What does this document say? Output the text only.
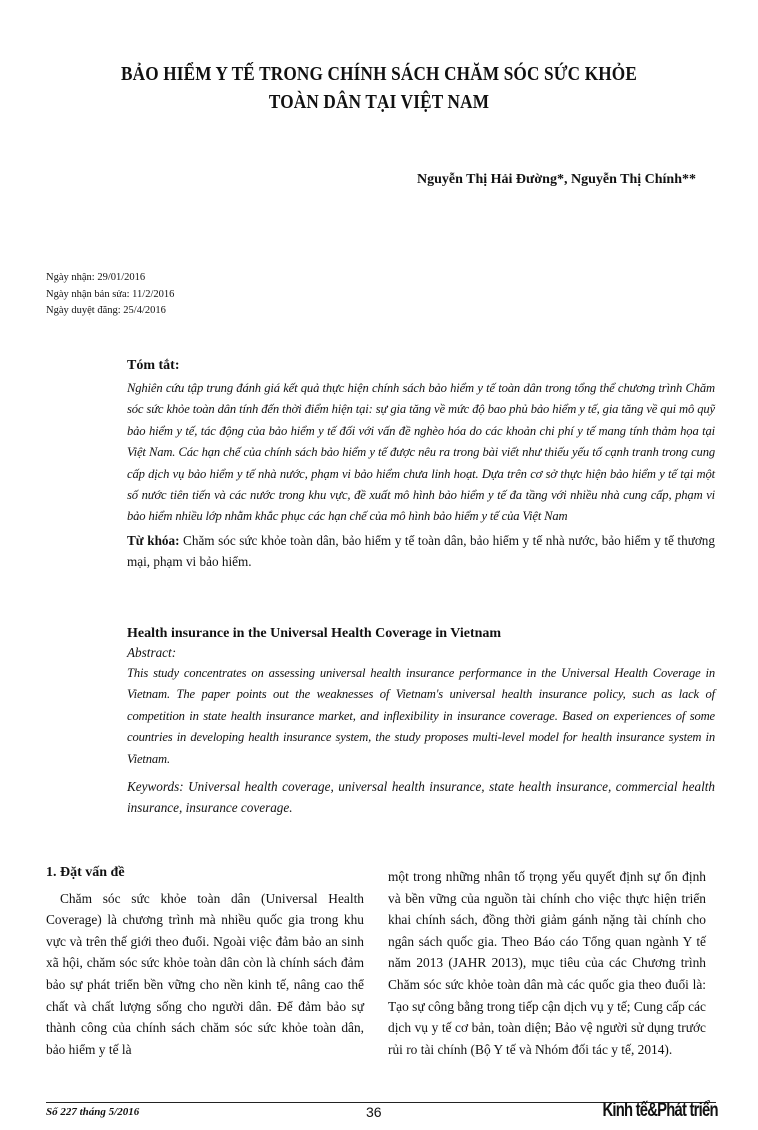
BẢO HIỂM Y TẾ TRONG CHÍNH SÁCH CHĂM SÓC SỨC KHỎE
TOÀN DÂN TẠI VIỆT NAM
Nguyễn Thị Hải Đường*, Nguyễn Thị Chính**
Ngày nhận: 29/01/2016
Ngày nhận bản sửa: 11/2/2016
Ngày duyệt đăng: 25/4/2016
Tóm tắt:
Nghiên cứu tập trung đánh giá kết quả thực hiện chính sách bảo hiểm y tế toàn dân trong tổng thể chương trình Chăm sóc sức khỏe toàn dân tính đến thời điểm hiện tại: sự gia tăng về mức độ bao phủ bảo hiểm y tế, gia tăng về qui mô quỹ bảo hiểm y tế, tác động của bảo hiểm y tế đối với vấn đề nghèo hóa do các khoản chi phí y tế mang tính thảm họa tại Việt Nam. Các hạn chế của chính sách bảo hiểm y tế được nêu ra trong bài viết như thiếu yếu tố cạnh tranh trong cung cấp dịch vụ bảo hiểm y tế nhà nước, phạm vi bảo hiểm chưa linh hoạt. Dựa trên cơ sở thực hiện bảo hiểm y tế tại một số nước tiên tiến và các nước trong khu vực, đề xuất mô hình bảo hiểm y tế đa tầng với nhiều nhà cung cấp, phạm vi bảo hiểm nhiều lớp nhằm khắc phục các hạn chế của mô hình bảo hiểm y tế của Việt Nam
Từ khóa: Chăm sóc sức khỏe toàn dân, bảo hiểm y tế toàn dân, bảo hiểm y tế nhà nước, bảo hiểm y tế thương mại, phạm vi bảo hiểm.
Health insurance in the Universal Health Coverage in Vietnam
Abstract:
This study concentrates on assessing universal health insurance performance in the Universal Health Coverage in Vietnam. The paper points out the weaknesses of Vietnam's universal health insurance policy, such as lack of competition in state health insurance market, and inflexibility in insurance coverage. Based on experiences of some countries in developing health insurance system, the study proposes multi-level model for health insurance system in Vietnam.
Keywords: Universal health coverage, universal health insurance, state health insurance, commercial health insurance, insurance coverage.
1. Đặt vấn đề
Chăm sóc sức khỏe toàn dân (Universal Health Coverage) là chương trình mà nhiều quốc gia trong khu vực và trên thế giới theo đuổi. Ngoài việc đảm bảo an sinh xã hội, chăm sóc sức khỏe toàn dân còn là chính sách đảm bảo sự phát triển bền vững cho nền kinh tế, nâng cao thể chất và chất lượng sống cho người dân. Để đảm bảo sự thành công của chính sách chăm sóc sức khỏe toàn dân, bảo hiểm y tế là
một trong những nhân tố trọng yếu quyết định sự ổn định và bền vững của nguồn tài chính cho việc thực hiện triển khai chính sách, đồng thời giảm gánh nặng tài chính cho ngân sách quốc gia. Theo Báo cáo Tổng quan ngành Y tế năm 2013 (JAHR 2013), mục tiêu của các Chương trình Chăm sóc sức khỏe toàn dân mà các quốc gia theo đuổi là: Tạo sự công bằng trong tiếp cận dịch vụ y tế; Cung cấp các dịch vụ y tế cơ bản, toàn diện; Bảo vệ người sử dụng trước rủi ro tài chính (Bộ Y tế và Nhóm đối tác y tế, 2014).
Số 227 tháng 5/2016	36	Kinh tế&Phát triển
